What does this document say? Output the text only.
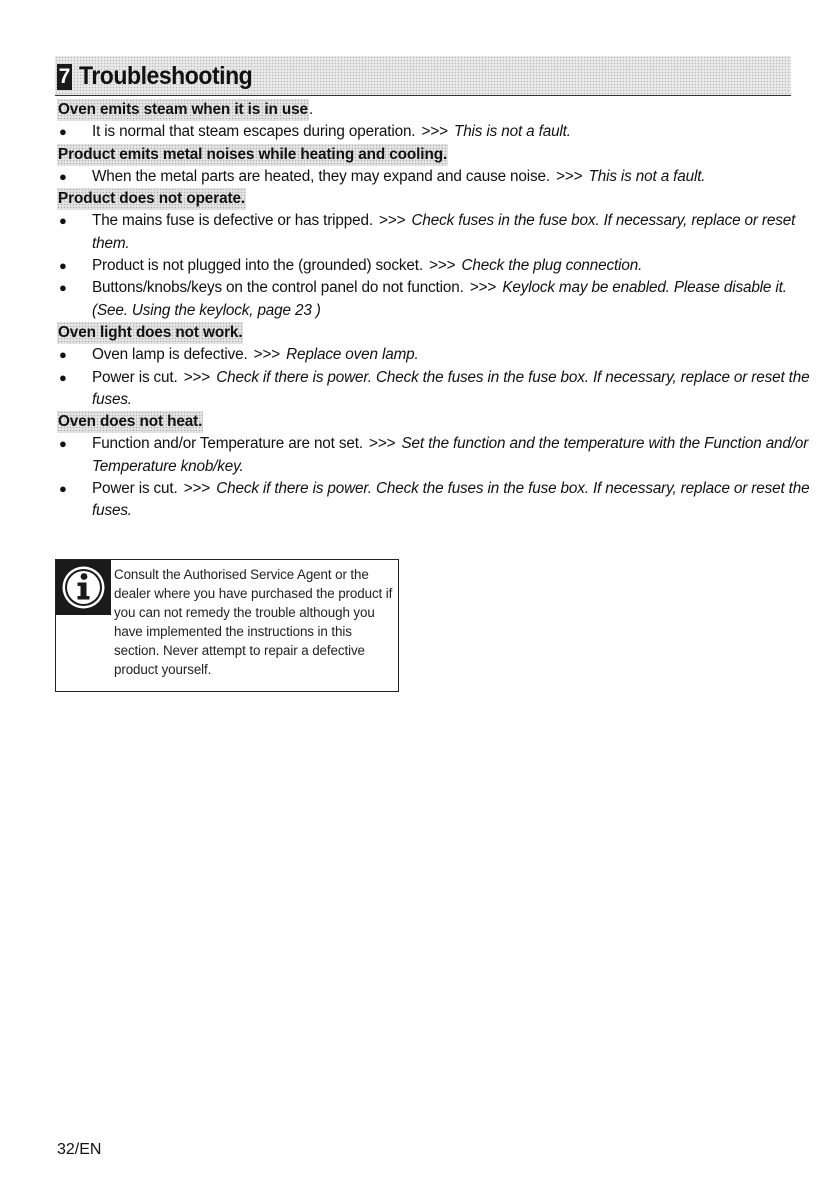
7 Troubleshooting
Oven emits steam when it is in use.
● It is normal that steam escapes during operation. >>> This is not a fault.
Product emits metal noises while heating and cooling.
● When the metal parts are heated, they may expand and cause noise. >>> This is not a fault.
Product does not operate.
● The mains fuse is defective or has tripped. >>> Check fuses in the fuse box. If necessary, replace or reset them.
● Product is not plugged into the (grounded) socket. >>> Check the plug connection.
● Buttons/knobs/keys on the control panel do not function. >>> Keylock may be enabled. Please disable it. (See. Using the keylock, page 23 )
Oven light does not work.
● Oven lamp is defective. >>> Replace oven lamp.
● Power is cut. >>> Check if there is power. Check the fuses in the fuse box. If necessary, replace or reset the fuses.
Oven does not heat.
● Function and/or Temperature are not set. >>> Set the function and the temperature with the Function and/or Temperature knob/key.
● Power is cut. >>> Check if there is power. Check the fuses in the fuse box. If necessary, replace or reset the fuses.
Consult the Authorised Service Agent or the dealer where you have purchased the product if you can not remedy the trouble although you have implemented the instructions in this section. Never attempt to repair a defective product yourself.
32/EN
